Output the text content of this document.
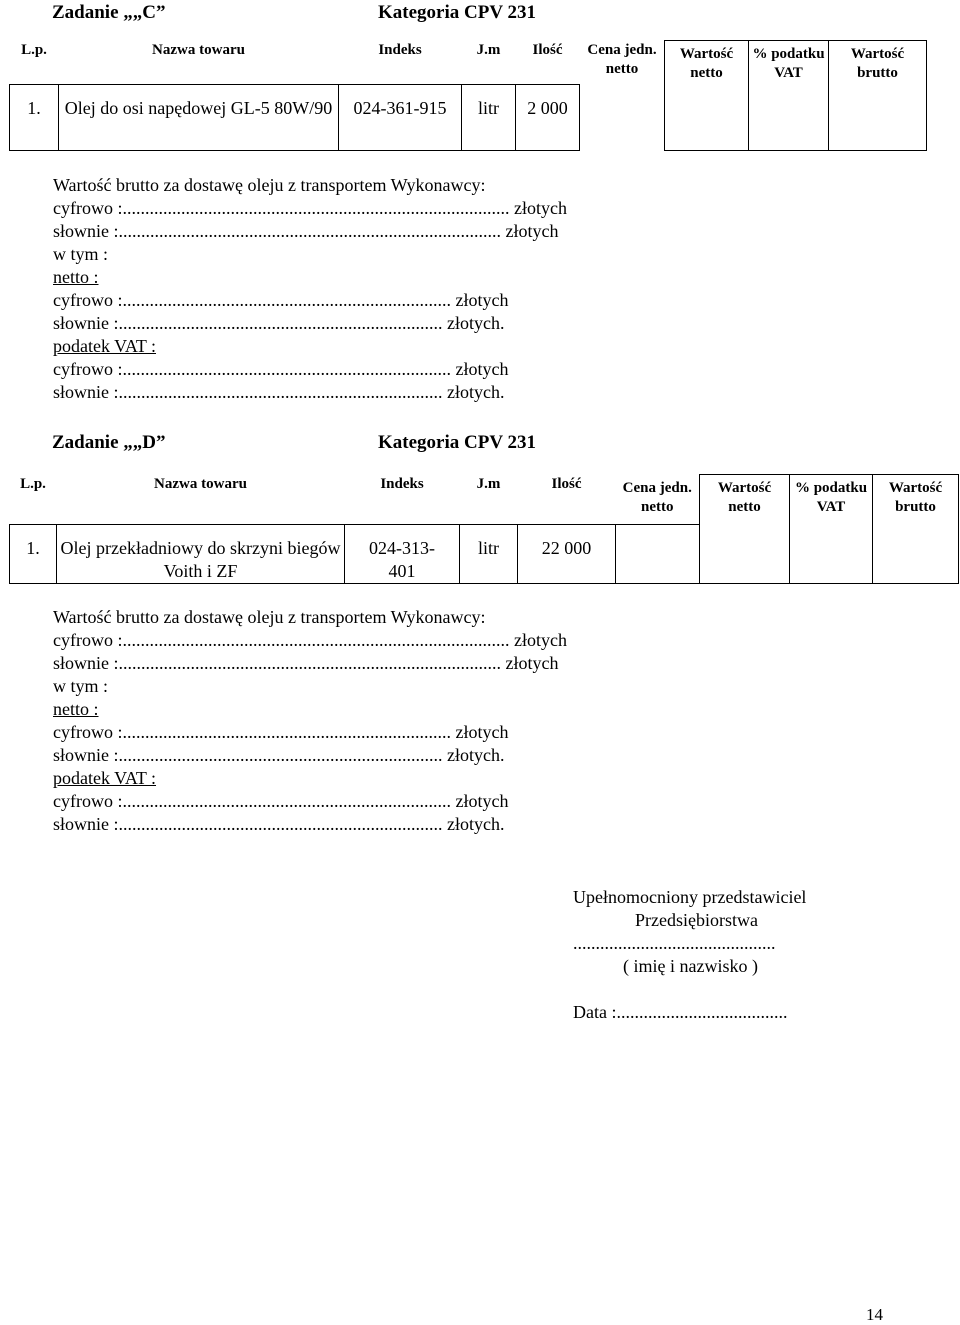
Zadanie „„C”	Kategoria CPV 231
L.p.	Nazwa towaru	Indeks	J.m	Ilość	Cena jedn. netto	Wartość netto	% podatku VAT	Wartość brutto
1.	Olej do osi napędowej GL-5 80W/90	024-361-915	litr	2 000				
Wartość brutto za dostawę oleju z transportem Wykonawcy:
cyfrowo :...................................................................................... złotych
słownie :..................................................................................... złotych
w tym :
netto :
cyfrowo :......................................................................... złotych
słownie :........................................................................ złotych.
podatek VAT :
cyfrowo :......................................................................... złotych
słownie :........................................................................ złotych.
Zadanie „„D”	Kategoria CPV 231
L.p.	Nazwa towaru	Indeks	J.m	Ilość	Cena jedn. netto	Wartość netto	% podatku VAT	Wartość brutto
1.	Olej przekładniowy do skrzyni biegów Voith i ZF	024-313-401	litr	22 000				
Wartość brutto za dostawę oleju z transportem Wykonawcy:
cyfrowo :...................................................................................... złotych
słownie :..................................................................................... złotych
w tym :
netto :
cyfrowo :......................................................................... złotych
słownie :........................................................................ złotych.
podatek VAT :
cyfrowo :......................................................................... złotych
słownie :........................................................................ złotych.
Upełnomocniony przedstawiciel
Przedsiębiorstwa
.............................................
( imię i nazwisko )
Data :......................................
14
